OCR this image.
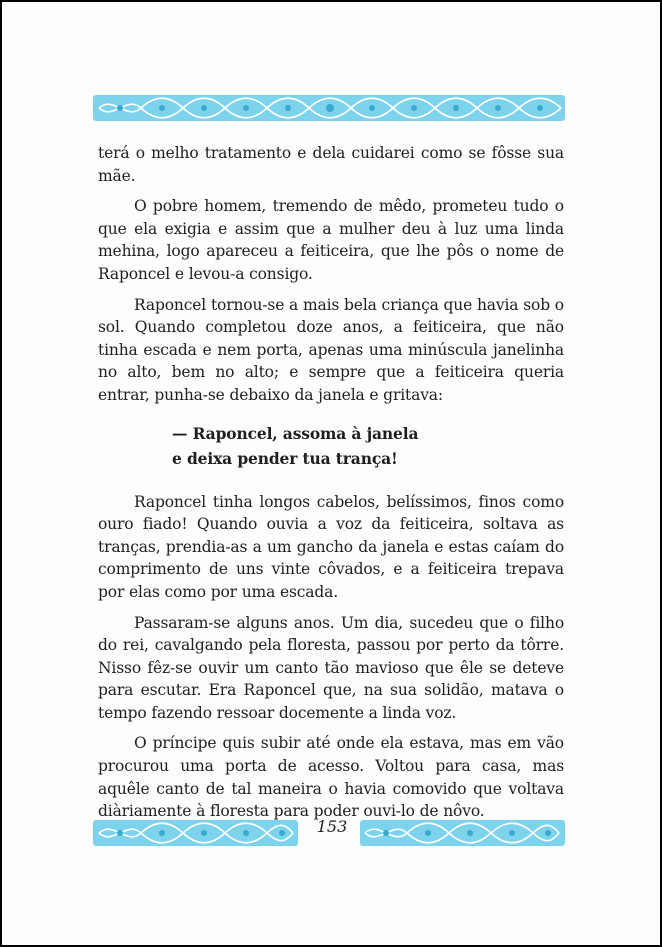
terá o melho tratamento e dela cuidarei como se fôsse sua mãe.

O pobre homem, tremendo de mêdo, prometeu tudo o que ela exigia e assim que a mulher deu à luz uma linda mehina, logo apareceu a feiticeira, que lhe pôs o nome de Raponcel e levou-a consigo.

Raponcel tornou-se a mais bela criança que havia sob o sol. Quando completou doze anos, a feiticeira, que não tinha escada e nem porta, apenas uma minúscula janelinha no alto, bem no alto; e sempre que a feiticeira queria entrar, punha-se debaixo da janela e gritava:

— Raponcel, assoma à janela
e deixa pender tua trança!

Raponcel tinha longos cabelos, belíssimos, finos como ouro fiado! Quando ouvia a voz da feiticeira, soltava as tranças, prendia-as a um gancho da janela e estas caíam do comprimento de uns vinte côvados, e a feiticeira trepava por elas como por uma escada.

Passaram-se alguns anos. Um dia, sucedeu que o filho do rei, cavalgando pela floresta, passou por perto da tôrre. Nisso fêz-se ouvir um canto tão mavioso que êle se deteve para escutar. Era Raponcel que, na sua solidão, matava o tempo fazendo ressoar docemente a linda voz.

O príncipe quis subir até onde ela estava, mas em vão procurou uma porta de acesso. Voltou para casa, mas aquêle canto de tal maneira o havia comovido que voltava diàriamente à floresta para poder ouvi-lo de nôvo.

153
